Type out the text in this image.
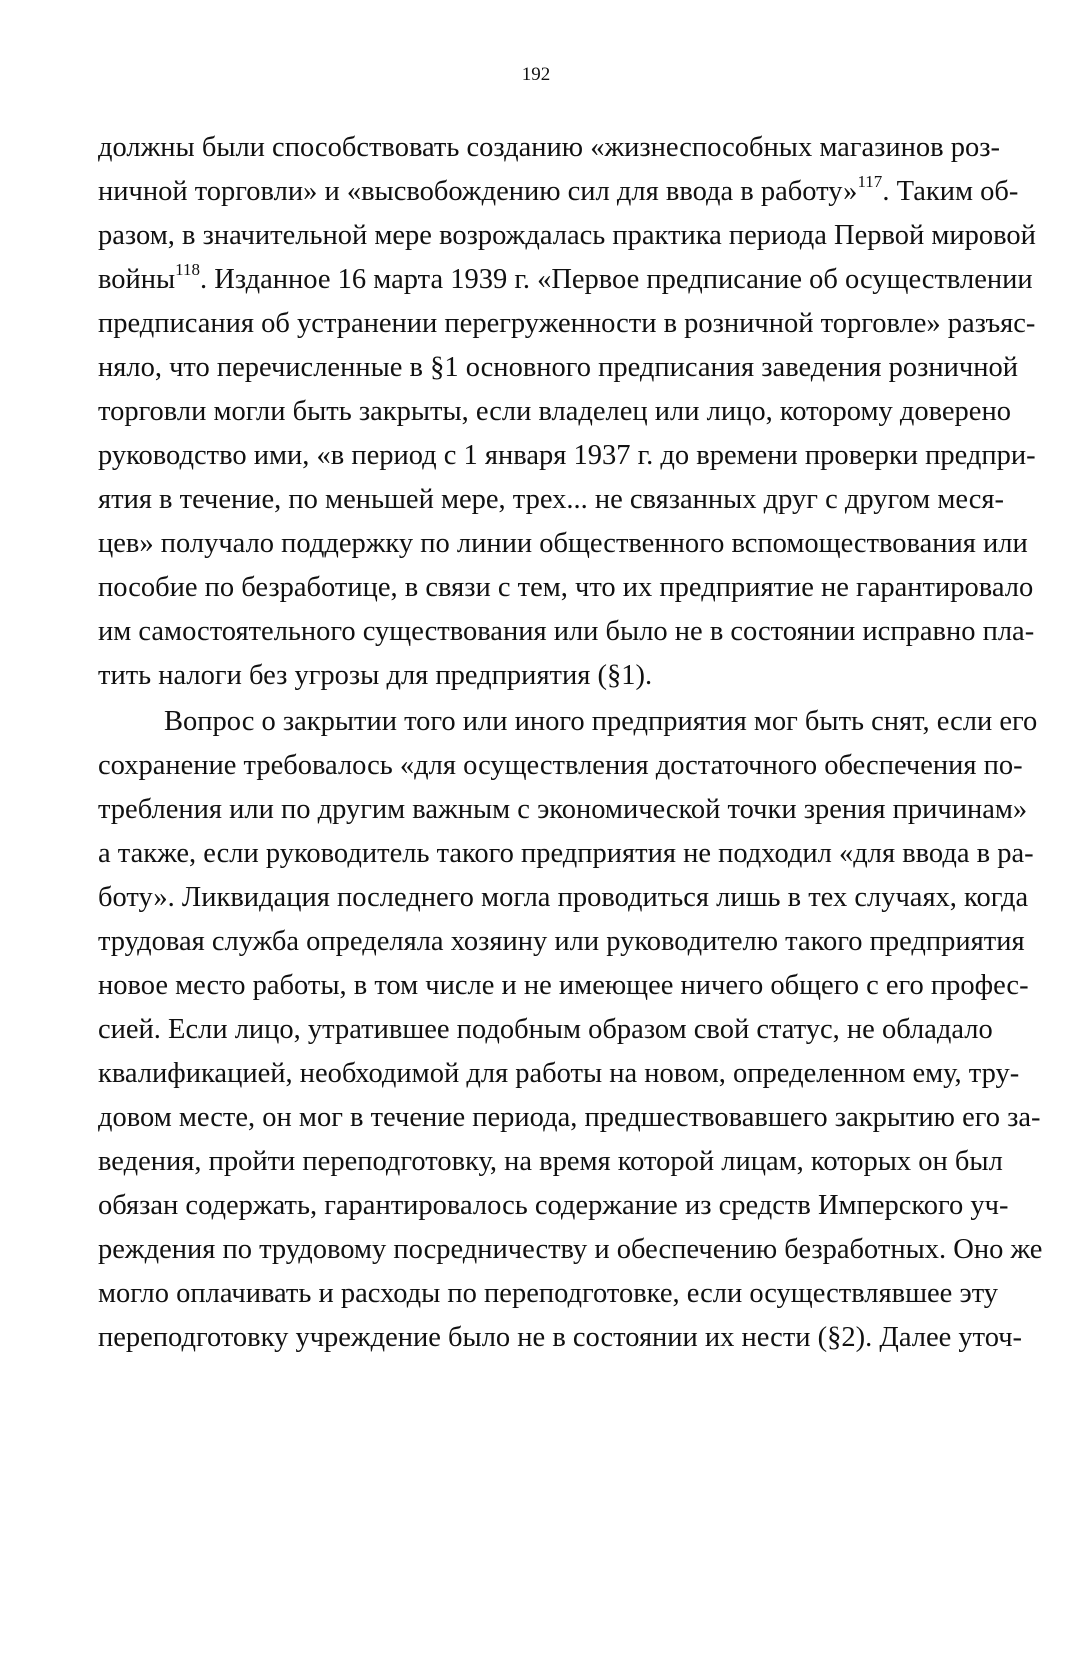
192
должны были способствовать созданию «жизнеспособных магазинов роз-
ничной торговли» и «высвобождению сил для ввода в работу»$^{117}$. Таким об-
разом, в значительной мере возрождалась практика периода Первой мировой
войны$^{118}$. Изданное 16 марта 1939 г. «Первое предписание об осуществлении
предписания об устранении перегруженности в розничной торговле» разъяс-
няло, что перечисленные в §1 основного предписания заведения розничной
торговли могли быть закрыты, если владелец или лицо, которому доверено
руководство ими, «в период с 1 января 1937 г. до времени проверки предпри-
ятия в течение, по меньшей мере, трех... не связанных друг с другом меся-
цев» получало поддержку по линии общественного вспомоществования или
пособие по безработице, в связи с тем, что их предприятие не гарантировало
им самостоятельного существования или было не в состоянии исправно пла-
тить налоги без угрозы для предприятия (§1).
Вопрос о закрытии того или иного предприятия мог быть снят, если его
сохранение требовалось «для осуществления достаточного обеспечения по-
требления или по другим важным с экономической точки зрения причинам»
а также, если руководитель такого предприятия не подходил «для ввода в ра-
боту». Ликвидация последнего могла проводиться лишь в тех случаях, когда
трудовая служба определяла хозяину или руководителю такого предприятия
новое место работы, в том числе и не имеющее ничего общего с его профес-
сией. Если лицо, утратившее подобным образом свой статус, не обладало
квалификацией, необходимой для работы на новом, определенном ему, тру-
довом месте, он мог в течение периода, предшествовавшего закрытию его за-
ведения, пройти переподготовку, на время которой лицам, которых он был
обязан содержать, гарантировалось содержание из средств Имперского уч-
реждения по трудовому посредничеству и обеспечению безработных. Оно же
могло оплачивать и расходы по переподготовке, если осуществлявшее эту
переподготовку учреждение было не в состоянии их нести (§2). Далее уточ-
